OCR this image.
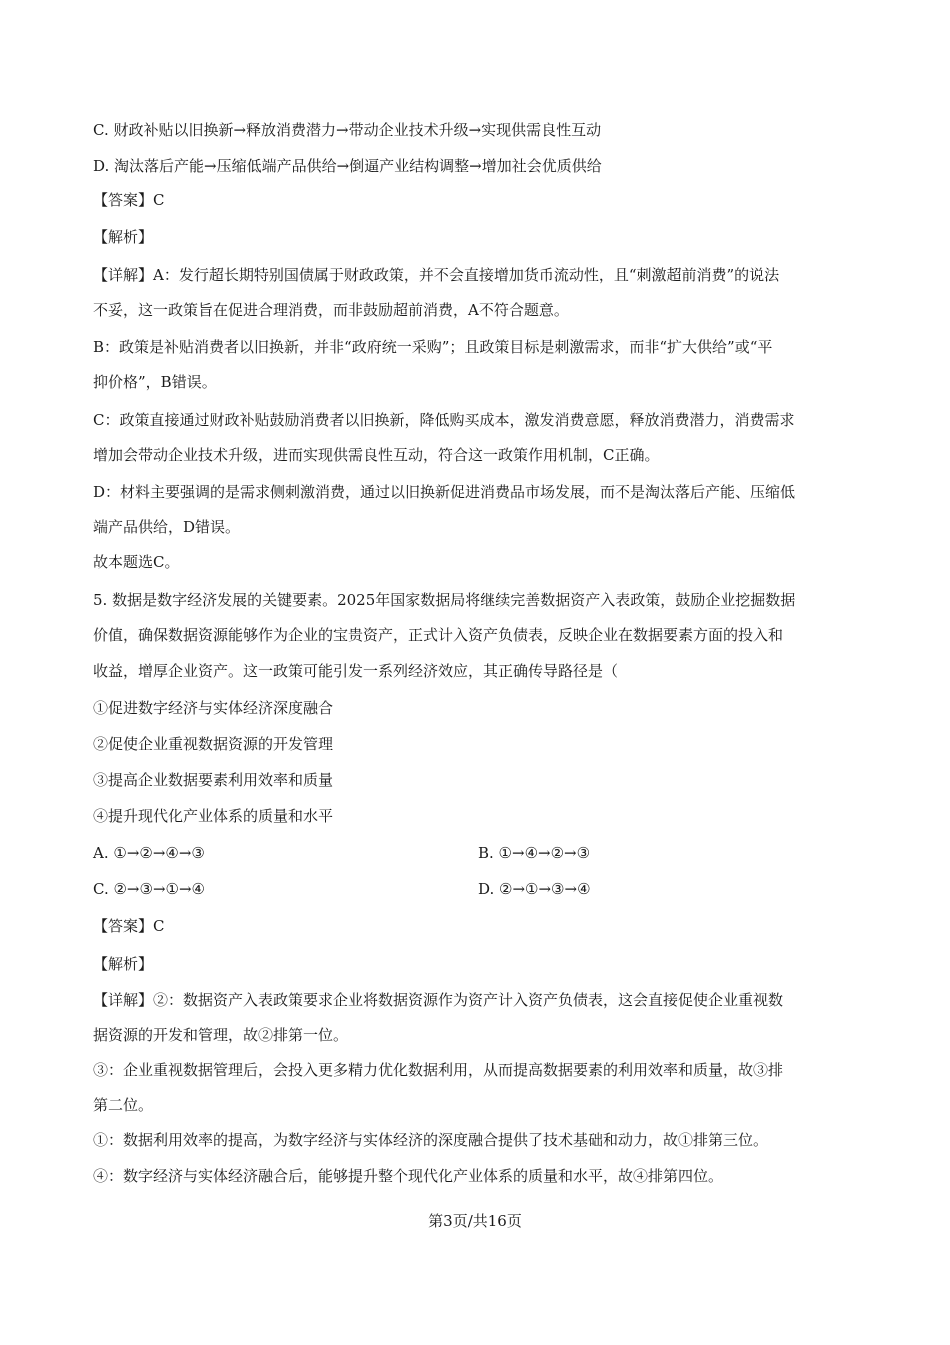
C. 财政补贴以旧换新→释放消费潜力→带动企业技术升级→实现供需良性互动
D. 淘汰落后产能→压缩低端产品供给→倒逼产业结构调整→增加社会优质供给
【答案】C
【解析】
【详解】A：发行超长期特别国债属于财政政策，并不会直接增加货币流动性，且“刺激超前消费”的说法
不妥，这一政策旨在促进合理消费，而非鼓励超前消费，A不符合题意。
B：政策是补贴消费者以旧换新，并非“政府统一采购”；且政策目标是刺激需求，而非“扩大供给”或“平
抑价格”，B错误。
C：政策直接通过财政补贴鼓励消费者以旧换新，降低购买成本，激发消费意愿，释放消费潜力，消费需求
增加会带动企业技术升级，进而实现供需良性互动，符合这一政策作用机制，C正确。
D：材料主要强调的是需求侧刺激消费，通过以旧换新促进消费品市场发展，而不是淘汰落后产能、压缩低
端产品供给，D错误。
故本题选C。
5. 数据是数字经济发展的关键要素。2025年国家数据局将继续完善数据资产入表政策，鼓励企业挖掘数据
价值，确保数据资源能够作为企业的宝贵资产，正式计入资产负债表，反映企业在数据要素方面的投入和
收益，增厚企业资产。这一政策可能引发一系列经济效应，其正确传导路径是（
①促进数字经济与实体经济深度融合
②促使企业重视数据资源的开发管理
③提高企业数据要素利用效率和质量
④提升现代化产业体系的质量和水平
A. ①→②→④→③	B. ①→④→②→③
C. ②→③→①→④	D. ②→①→③→④
【答案】C
【解析】
【详解】②：数据资产入表政策要求企业将数据资源作为资产计入资产负债表，这会直接促使企业重视数
据资源的开发和管理，故②排第一位。
③：企业重视数据管理后，会投入更多精力优化数据利用，从而提高数据要素的利用效率和质量，故③排
第二位。
①：数据利用效率的提高，为数字经济与实体经济的深度融合提供了技术基础和动力，故①排第三位。
④：数字经济与实体经济融合后，能够提升整个现代化产业体系的质量和水平，故④排第四位。
第3页/共16页
